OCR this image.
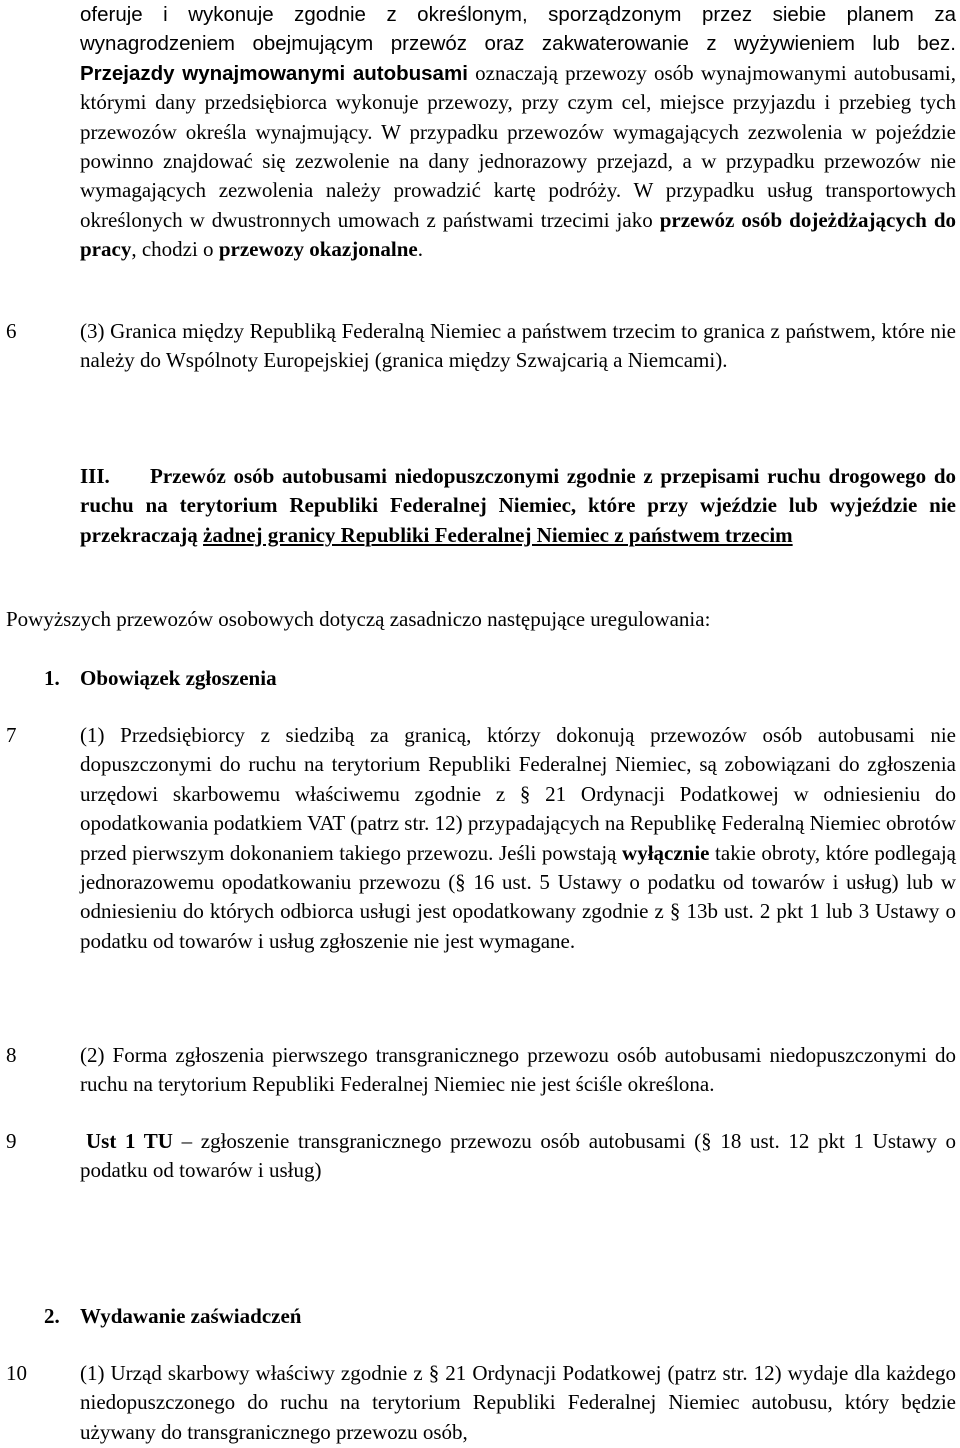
oferuje i wykonuje zgodnie z określonym, sporządzonym przez siebie planem za wynagrodzeniem obejmującym przewóz oraz zakwaterowanie z wyżywieniem lub bez. Przejazdy wynajmowanymi autobusami oznaczają przewozy osób wynajmowanymi autobusami, którymi dany przedsiębiorca wykonuje przewozy, przy czym cel, miejsce przyjazdu i przebieg tych przewozów określa wynajmujący. W przypadku przewozów wymagających zezwolenia w pojeździe powinno znajdować się zezwolenie na dany jednorazowy przejazd, a w przypadku przewozów nie wymagających zezwolenia należy prowadzić kartę podróży. W przypadku usług transportowych określonych w dwustronnych umowach z państwami trzecimi jako przewóz osób dojeżdżających do pracy, chodzi o przewozy okazjonalne.
6	(3) Granica między Republiką Federalną Niemiec a państwem trzecim to granica z państwem, które nie należy do Wspólnoty Europejskiej (granica między Szwajcarią a Niemcami).
III. Przewóz osób autobusami niedopuszczonymi zgodnie z przepisami ruchu drogowego do ruchu na terytorium Republiki Federalnej Niemiec, które przy wjeździe lub wyjeździe nie przekraczają żadnej granicy Republiki Federalnej Niemiec z państwem trzecim
Powyższych przewozów osobowych dotyczą zasadniczo następujące uregulowania:
1. Obowiązek zgłoszenia
7	(1) Przedsiębiorcy z siedzibą za granicą, którzy dokonują przewozów osób autobusami nie dopuszczonymi do ruchu na terytorium Republiki Federalnej Niemiec, są zobowiązani do zgłoszenia urzędowi skarbowemu właściwemu zgodnie z § 21 Ordynacji Podatkowej w odniesieniu do opodatkowania podatkiem VAT (patrz str. 12) przypadających na Republikę Federalną Niemiec obrotów przed pierwszym dokonaniem takiego przewozu. Jeśli powstają wyłącznie takie obroty, które podlegają jednorazowemu opodatkowaniu przewozu (§ 16 ust. 5 Ustawy o podatku od towarów i usług) lub w odniesieniu do których odbiorca usługi jest opodatkowany zgodnie z § 13b ust. 2 pkt 1 lub 3 Ustawy o podatku od towarów i usług zgłoszenie nie jest wymagane.
8	(2) Forma zgłoszenia pierwszego transgranicznego przewozu osób autobusami niedopuszczonymi do ruchu na terytorium Republiki Federalnej Niemiec nie jest ściśle określona.
9	Ust 1 TU – zgłoszenie transgranicznego przewozu osób autobusami (§ 18 ust. 12 pkt 1 Ustawy o podatku od towarów i usług)
2. Wydawanie zaświadczeń
10	(1) Urząd skarbowy właściwy zgodnie z § 21 Ordynacji Podatkowej (patrz str. 12) wydaje dla każdego niedopuszczonego do ruchu na terytorium Republiki Federalnej Niemiec autobusu, który będzie używany do transgranicznego przewozu osób,
